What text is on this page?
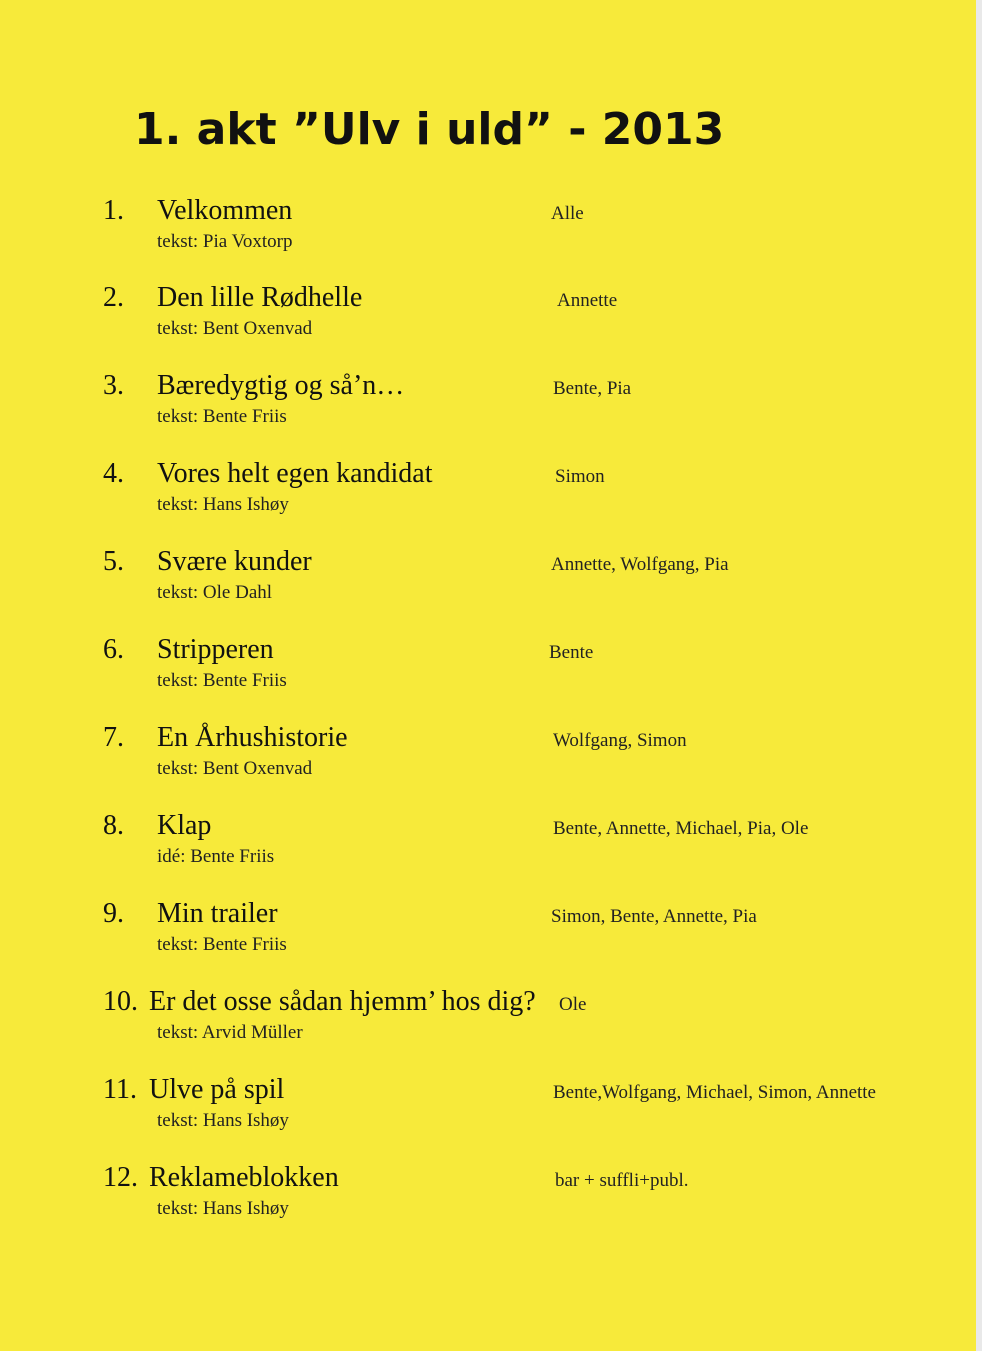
1. akt ”Ulv i uld” - 2013
1. Velkommen
tekst: Pia Voxtorp
Alle
2. Den lille Rødhelle
tekst: Bent Oxenvad
Annette
3. Bæredygtig og så’n…
tekst: Bente Friis
Bente, Pia
4. Vores helt egen kandidat
tekst: Hans Ishøy
Simon
5. Svære kunder
tekst: Ole Dahl
Annette, Wolfgang, Pia
6. Stripperen
tekst: Bente Friis
Bente
7. En Århushistorie
tekst: Bent Oxenvad
Wolfgang, Simon
8. Klap
idé: Bente Friis
Bente, Annette, Michael, Pia, Ole
9. Min trailer
tekst: Bente Friis
Simon, Bente, Annette, Pia
10. Er det osse sådan hjemm’ hos dig?
tekst: Arvid Müller
Ole
11. Ulve på spil
tekst: Hans Ishøy
Bente,Wolfgang, Michael, Simon, Annette
12. Reklameblokken
tekst: Hans Ishøy
bar + suffli+publ.
